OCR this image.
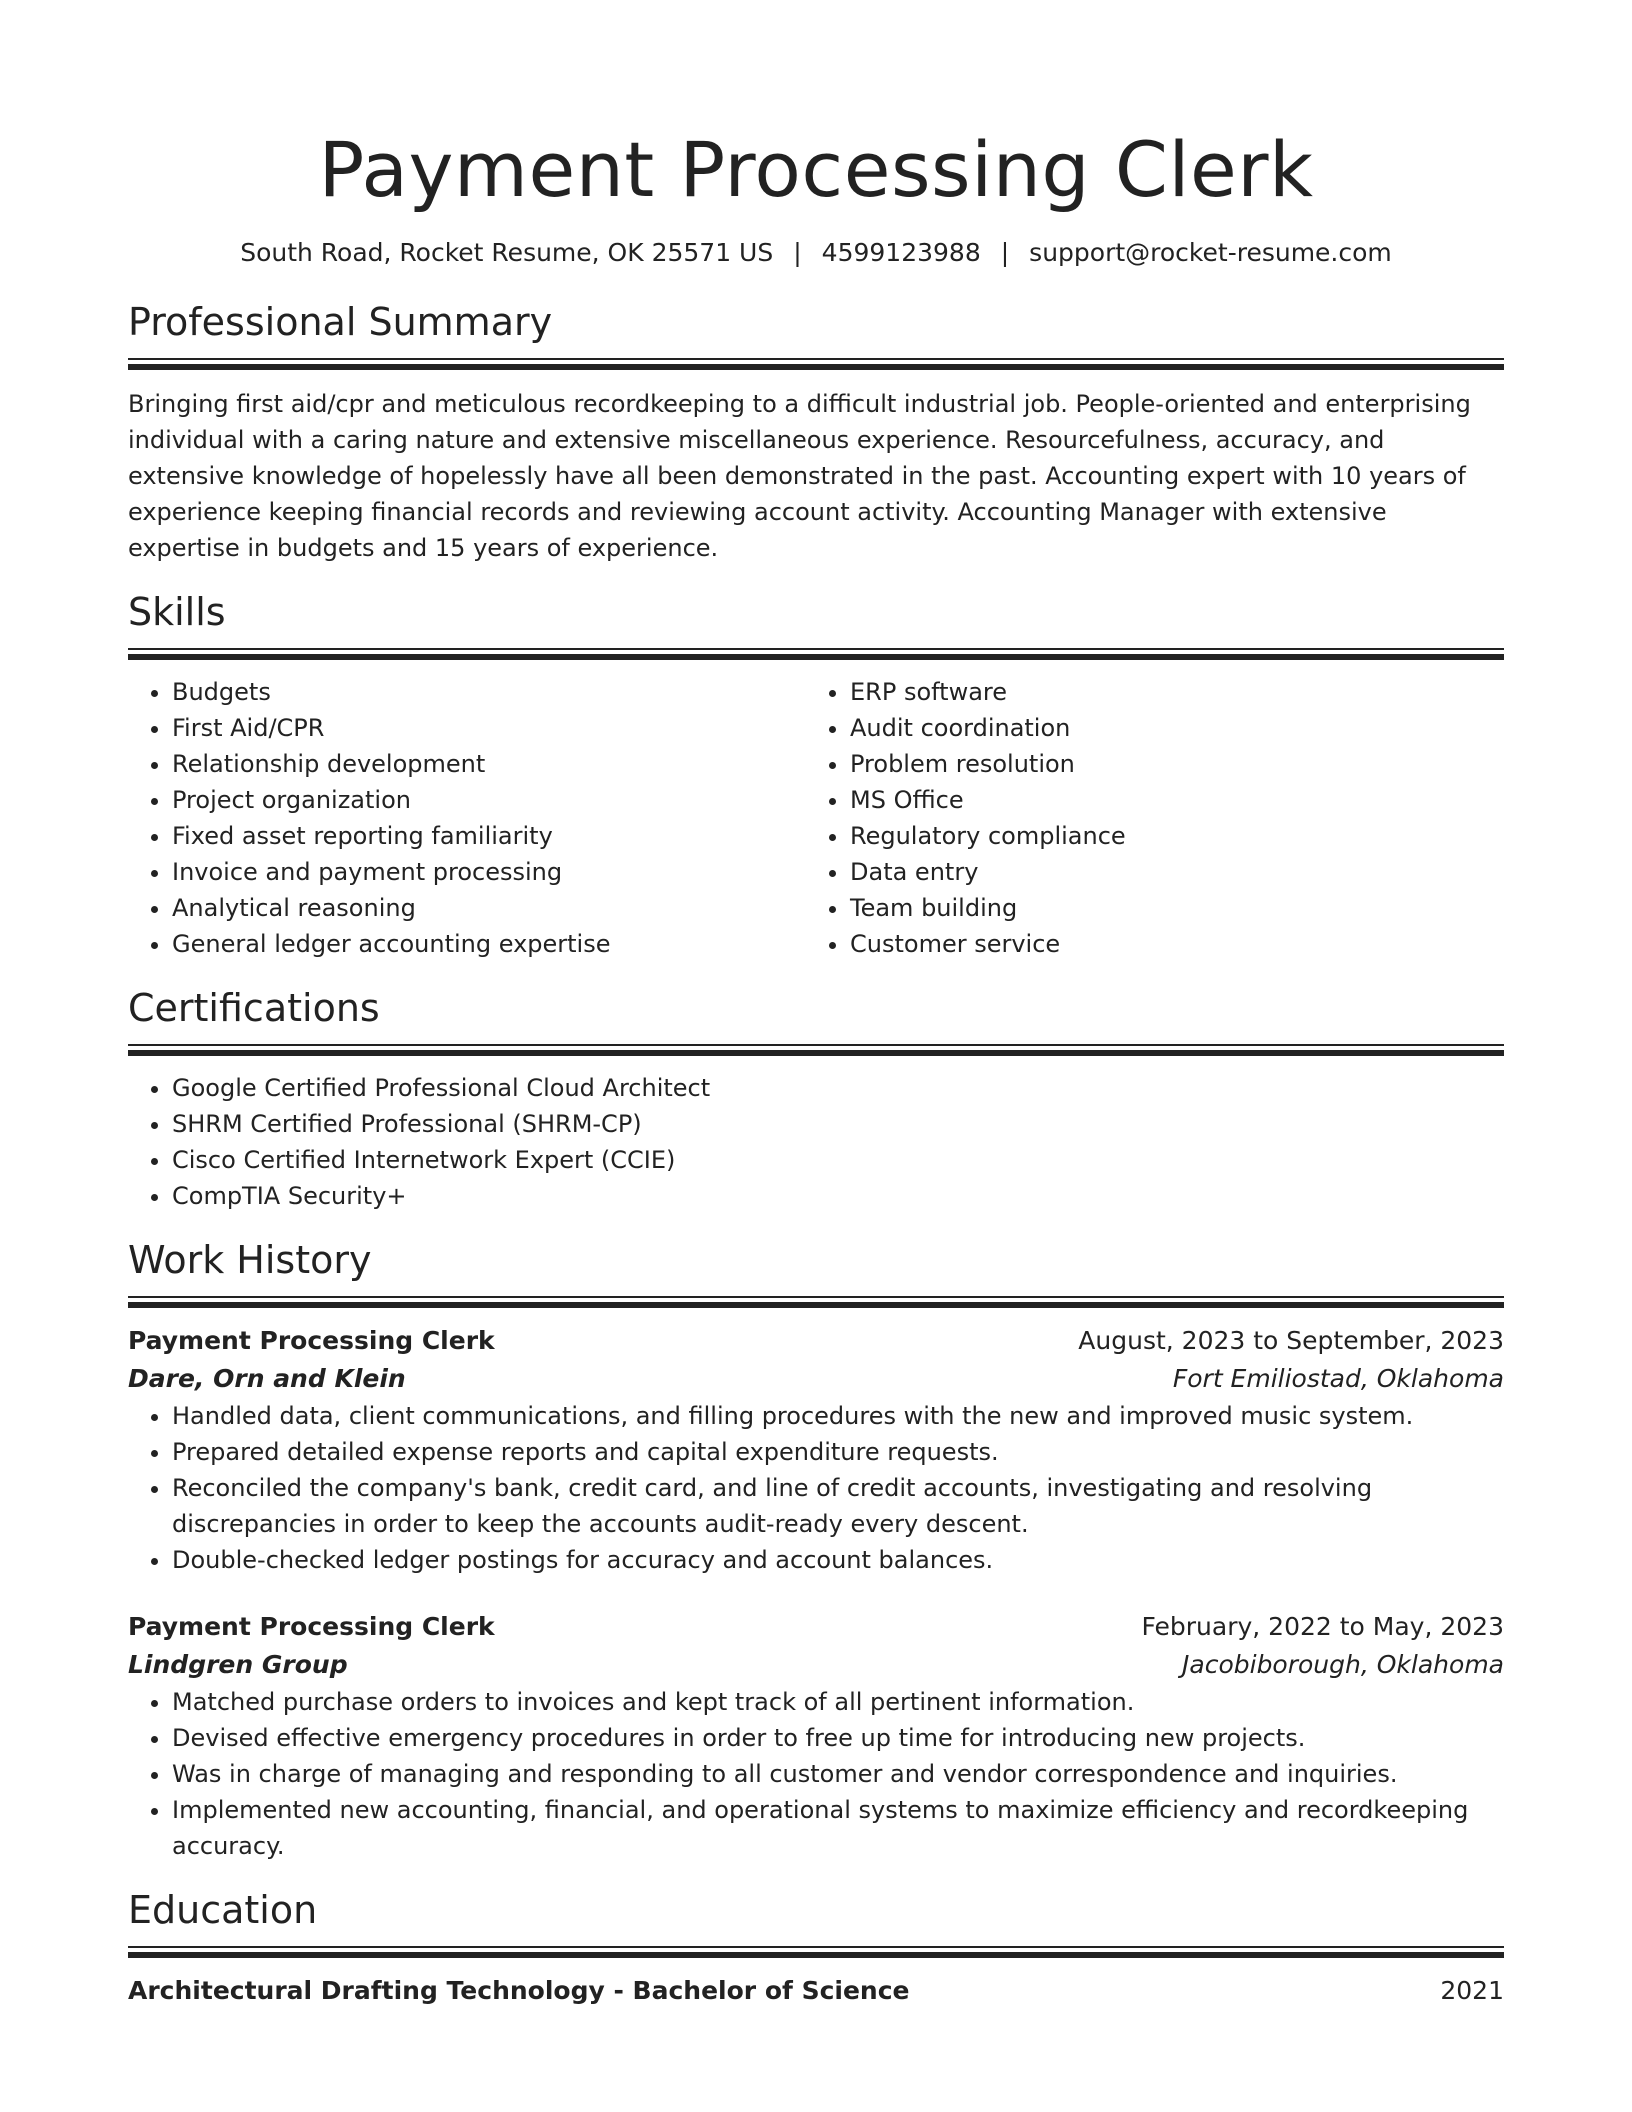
Payment Processing Clerk
South Road, Rocket Resume, OK 25571 US | 4599123988 | support@rocket-resume.com
Professional Summary
Bringing first aid/cpr and meticulous recordkeeping to a difficult industrial job. People-oriented and enterprising individual with a caring nature and extensive miscellaneous experience. Resourcefulness, accuracy, and extensive knowledge of hopelessly have all been demonstrated in the past. Accounting expert with 10 years of experience keeping financial records and reviewing account activity. Accounting Manager with extensive expertise in budgets and 15 years of experience.
Skills
• Budgets
• First Aid/CPR
• Relationship development
• Project organization
• Fixed asset reporting familiarity
• Invoice and payment processing
• Analytical reasoning
• General ledger accounting expertise
• ERP software
• Audit coordination
• Problem resolution
• MS Office
• Regulatory compliance
• Data entry
• Team building
• Customer service
Certifications
• Google Certified Professional Cloud Architect
• SHRM Certified Professional (SHRM-CP)
• Cisco Certified Internetwork Expert (CCIE)
• CompTIA Security+
Work History
Payment Processing Clerk	August, 2023 to September, 2023
Dare, Orn and Klein	Fort Emiliostad, Oklahoma
• Handled data, client communications, and filling procedures with the new and improved music system.
• Prepared detailed expense reports and capital expenditure requests.
• Reconciled the company's bank, credit card, and line of credit accounts, investigating and resolving discrepancies in order to keep the accounts audit-ready every descent.
• Double-checked ledger postings for accuracy and account balances.
Payment Processing Clerk	February, 2022 to May, 2023
Lindgren Group	Jacobiborough, Oklahoma
• Matched purchase orders to invoices and kept track of all pertinent information.
• Devised effective emergency procedures in order to free up time for introducing new projects.
• Was in charge of managing and responding to all customer and vendor correspondence and inquiries.
• Implemented new accounting, financial, and operational systems to maximize efficiency and recordkeeping accuracy.
Education
Architectural Drafting Technology - Bachelor of Science	2021
